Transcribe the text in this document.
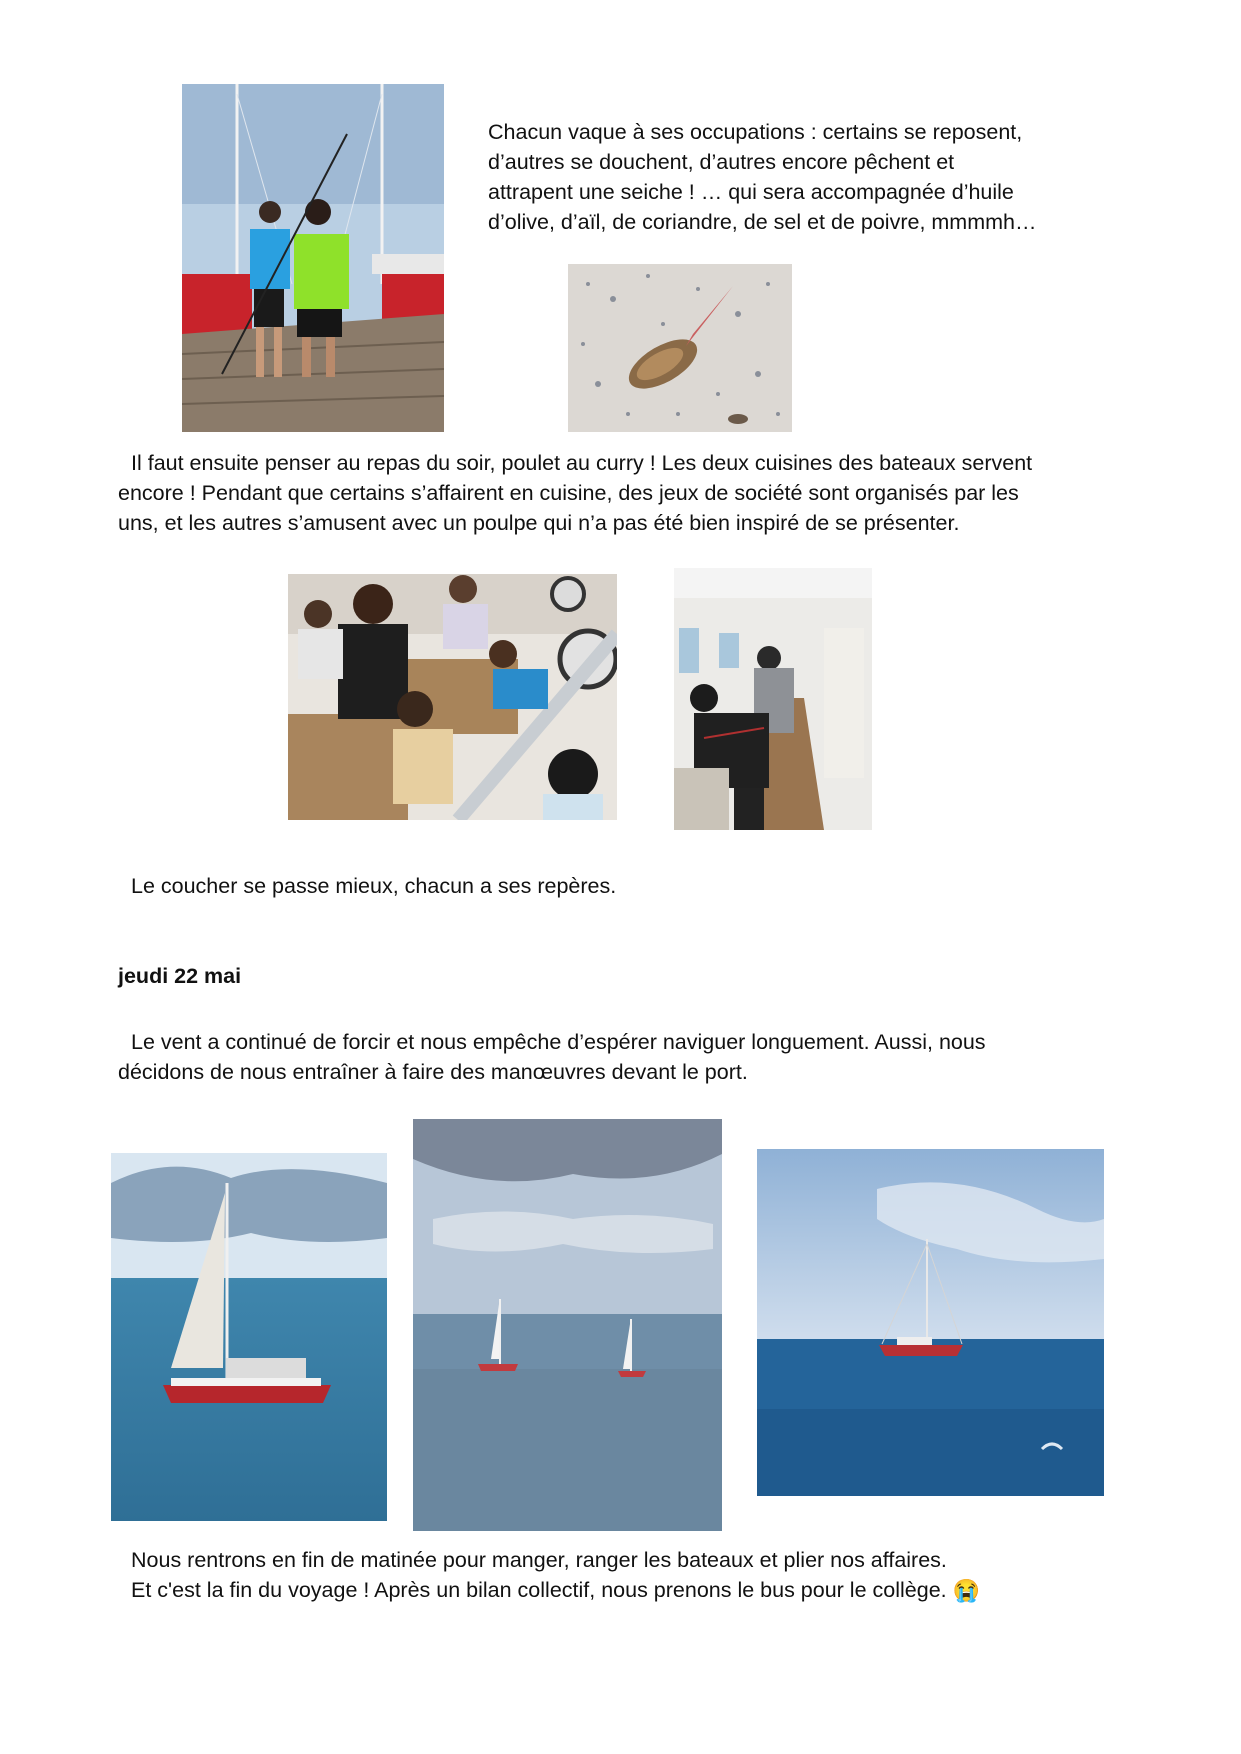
Chacun vaque à ses occupations : certains se reposent,
d’autres se douchent, d’autres encore pêchent et
attrapent une seiche ! … qui sera accompagnée d’huile
d’olive, d’aïl, de coriandre, de sel et de poivre, mmmmh…
Il faut ensuite penser au repas du soir, poulet au curry ! Les deux cuisines des bateaux servent
encore ! Pendant que certains s’affairent en cuisine, des jeux de société sont organisés par les
uns, et les autres s’amusent avec un poulpe qui n’a pas été bien inspiré de se présenter.
Le coucher se passe mieux, chacun a ses repères.
jeudi 22 mai
Le vent a continué de forcir et nous empêche d’espérer naviguer longuement. Aussi, nous
décidons de nous entraîner à faire des manœuvres devant le port.
Nous rentrons en fin de matinée pour manger, ranger les bateaux et plier nos affaires.
Et c'est la fin du voyage ! Après un bilan collectif, nous prenons le bus pour le collège. 😭
